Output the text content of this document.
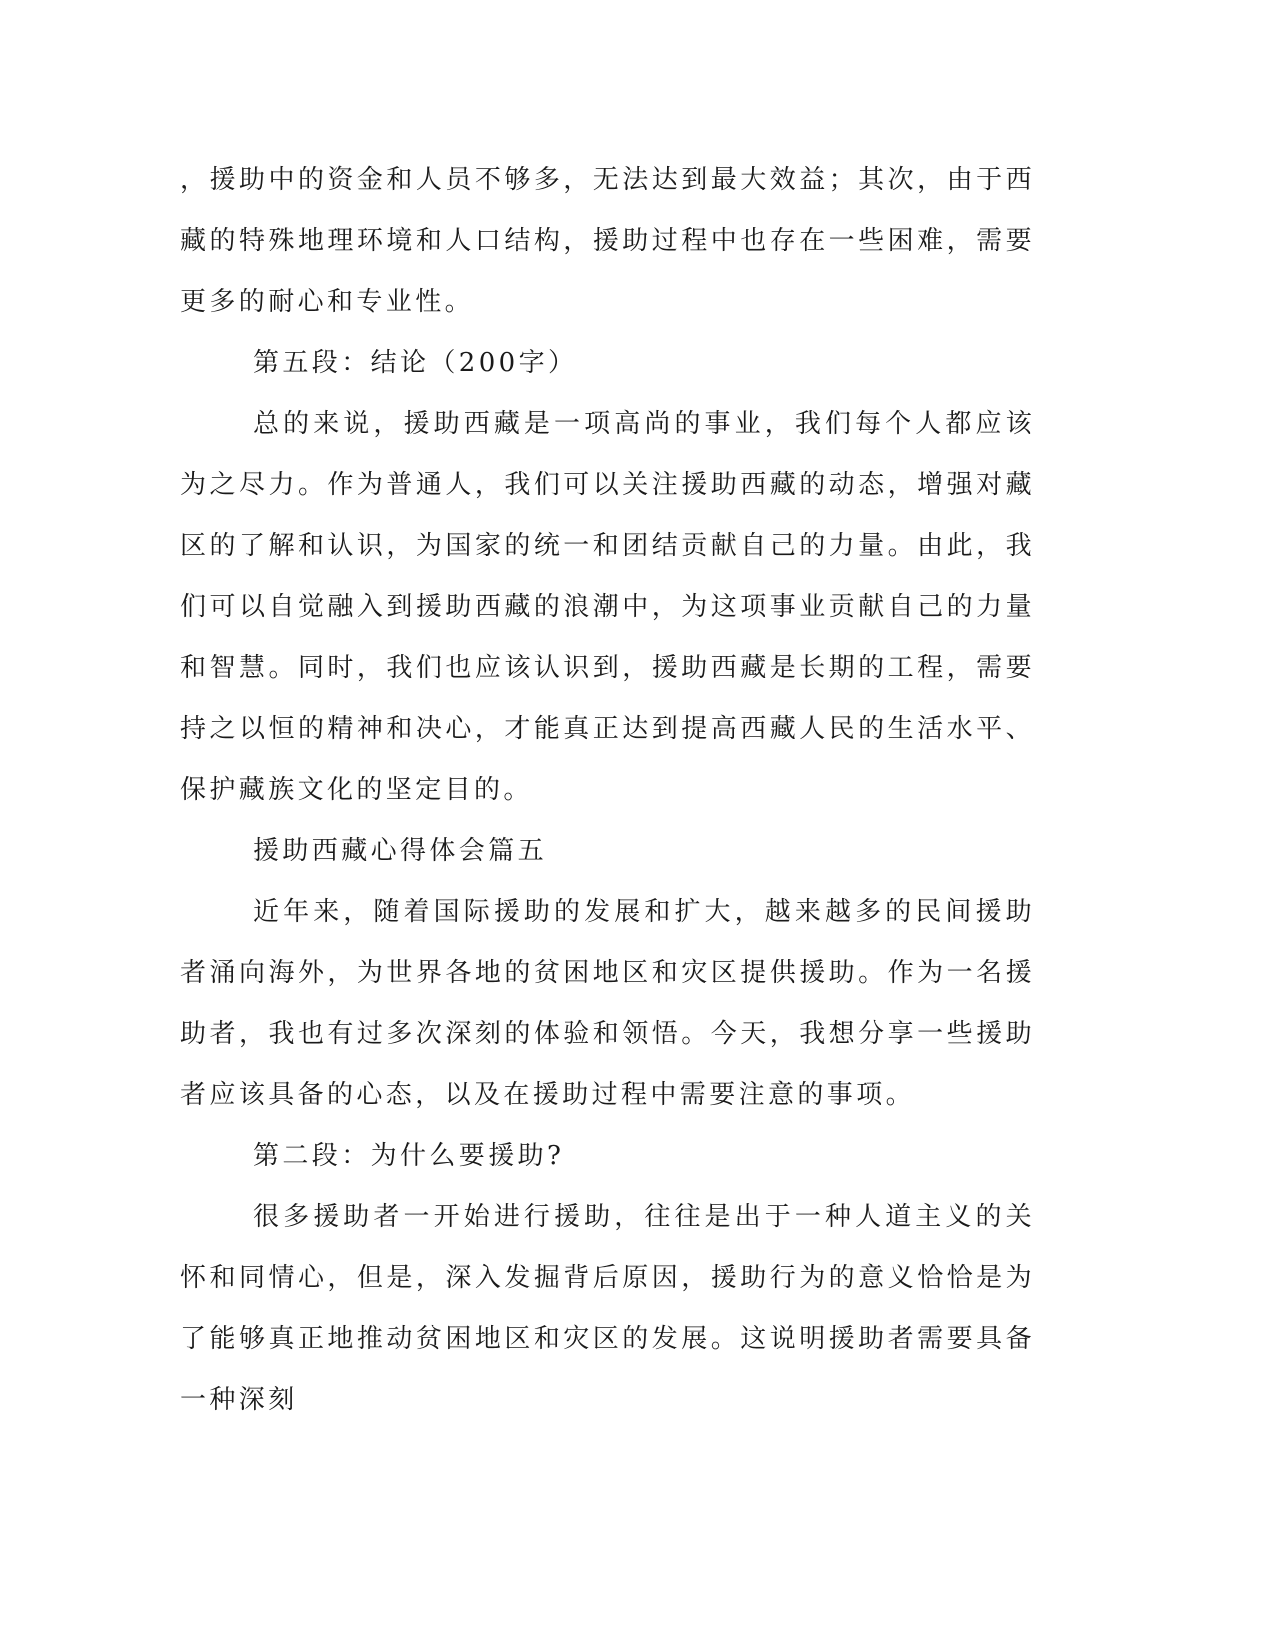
，援助中的资金和人员不够多，无法达到最大效益；其次，由于西藏的特殊地理环境和人口结构，援助过程中也存在一些困难，需要更多的耐心和专业性。

第五段：结论（200字）

总的来说，援助西藏是一项高尚的事业，我们每个人都应该为之尽力。作为普通人，我们可以关注援助西藏的动态，增强对藏区的了解和认识，为国家的统一和团结贡献自己的力量。由此，我们可以自觉融入到援助西藏的浪潮中，为这项事业贡献自己的力量和智慧。同时，我们也应该认识到，援助西藏是长期的工程，需要持之以恒的精神和决心，才能真正达到提高西藏人民的生活水平、保护藏族文化的坚定目的。

援助西藏心得体会篇五

近年来，随着国际援助的发展和扩大，越来越多的民间援助者涌向海外，为世界各地的贫困地区和灾区提供援助。作为一名援助者，我也有过多次深刻的体验和领悟。今天，我想分享一些援助者应该具备的心态，以及在援助过程中需要注意的事项。

第二段：为什么要援助?

很多援助者一开始进行援助，往往是出于一种人道主义的关怀和同情心，但是，深入发掘背后原因，援助行为的意义恰恰是为了能够真正地推动贫困地区和灾区的发展。这说明援助者需要具备一种深刻
